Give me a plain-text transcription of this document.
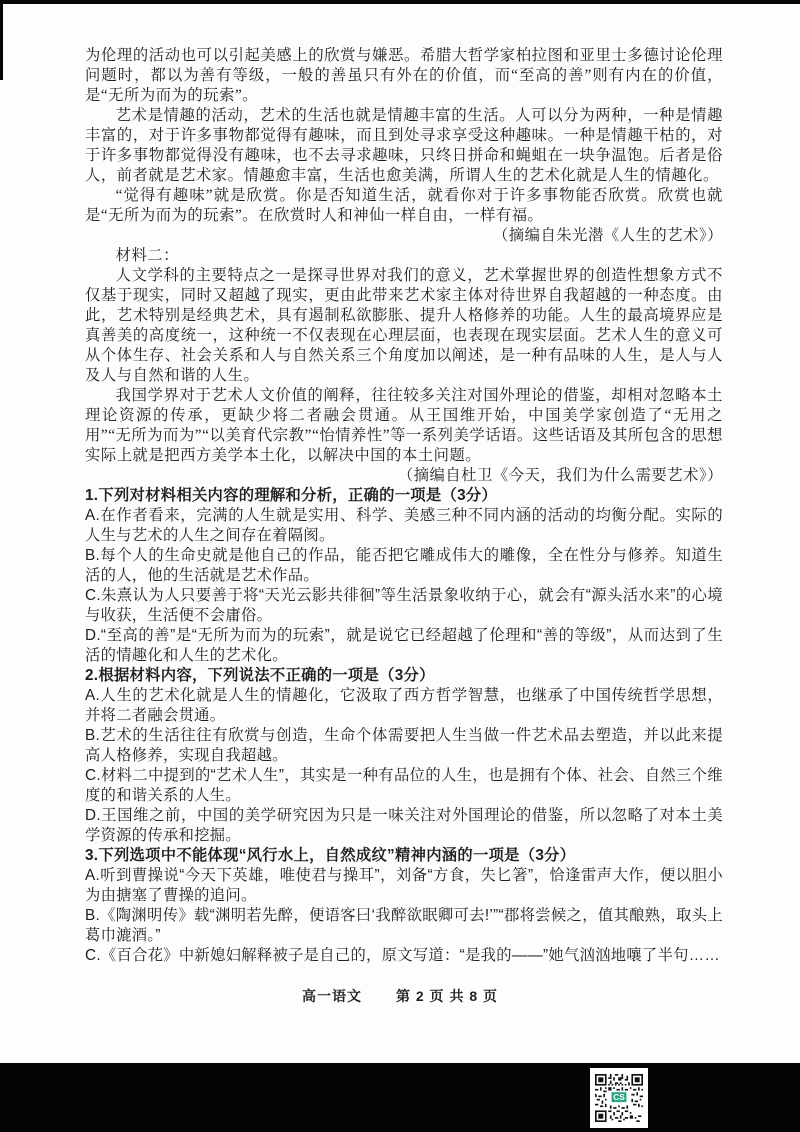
为伦理的活动也可以引起美感上的欣赏与嫌恶。希腊大哲学家柏拉图和亚里士多德讨论伦理问题时，都以为善有等级，一般的善虽只有外在的价值，而“至高的善”则有内在的价值，是“无所为而为的玩索”。

艺术是情趣的活动，艺术的生活也就是情趣丰富的生活。人可以分为两种，一种是情趣丰富的，对于许多事物都觉得有趣味，而且到处寻求享受这种趣味。一种是情趣干枯的，对于许多事物都觉得没有趣味，也不去寻求趣味，只终日拼命和蝇蛆在一块争温饱。后者是俗人，前者就是艺术家。情趣愈丰富，生活也愈美满，所谓人生的艺术化就是人生的情趣化。

“觉得有趣味”就是欣赏。你是否知道生活，就看你对于许多事物能否欣赏。欣赏也就是“无所为而为的玩索”。在欣赏时人和神仙一样自由，一样有福。

（摘编自朱光潜《人生的艺术》）

材料二：

人文学科的主要特点之一是探寻世界对我们的意义，艺术掌握世界的创造性想象方式不仅基于现实，同时又超越了现实，更由此带来艺术家主体对待世界自我超越的一种态度。由此，艺术特别是经典艺术，具有遏制私欲膨胀、提升人格修养的功能。人生的最高境界应是真善美的高度统一，这种统一不仅表现在心理层面，也表现在现实层面。艺术人生的意义可从个体生存、社会关系和人与自然关系三个角度加以阐述，是一种有品味的人生，是人与人及人与自然和谐的人生。

我国学界对于艺术人文价值的阐释，往往较多关注对国外理论的借鉴，却相对忽略本土理论资源的传承，更缺少将二者融会贯通。从王国维开始，中国美学家创造了“无用之用”“无所为而为”“以美育代宗教”“怡情养性”等一系列美学话语。这些话语及其所包含的思想实际上就是把西方美学本土化，以解决中国的本土问题。

（摘编自杜卫《今天，我们为什么需要艺术》）

1.下列对材料相关内容的理解和分析，正确的一项是（3分）

A.在作者看来，完满的人生就是实用、科学、美感三种不同内涵的活动的均衡分配。实际的人生与艺术的人生之间存在着隔阂。

B.每个人的生命史就是他自己的作品，能否把它雕成伟大的雕像，全在性分与修养。知道生活的人，他的生活就是艺术作品。

C.朱熹认为人只要善于将“天光云影共徘徊”等生活景象收纳于心，就会有“源头活水来”的心境与收获，生活便不会庸俗。

D.“至高的善”是“无所为而为的玩索”，就是说它已经超越了伦理和“善的等级”，从而达到了生活的情趣化和人生的艺术化。

2.根据材料内容，下列说法不正确的一项是（3分）

A.人生的艺术化就是人生的情趣化，它汲取了西方哲学智慧，也继承了中国传统哲学思想，并将二者融会贯通。

B.艺术的生活往往有欣赏与创造，生命个体需要把人生当做一件艺术品去塑造，并以此来提高人格修养，实现自我超越。

C.材料二中提到的“艺术人生”，其实是一种有品位的人生，也是拥有个体、社会、自然三个维度的和谐关系的人生。

D.王国维之前，中国的美学研究因为只是一味关注对外国理论的借鉴，所以忽略了对本土美学资源的传承和挖掘。

3.下列选项中不能体现“风行水上，自然成纹”精神内涵的一项是（3分）

A.听到曹操说“今天下英雄，唯使君与操耳”，刘备“方食，失匕箸”，恰逢雷声大作，便以胆小为由搪塞了曹操的追问。

B.《陶渊明传》载“渊明若先醉，便语客曰‘我醉欲眠卿可去!’”“郡将尝候之，值其酿熟，取头上葛巾漉酒。”

C.《百合花》中新媳妇解释被子是自己的，原文写道：“是我的——”她气汹汹地嚷了半句……

高一语文 第 2 页 共 8 页
CS
